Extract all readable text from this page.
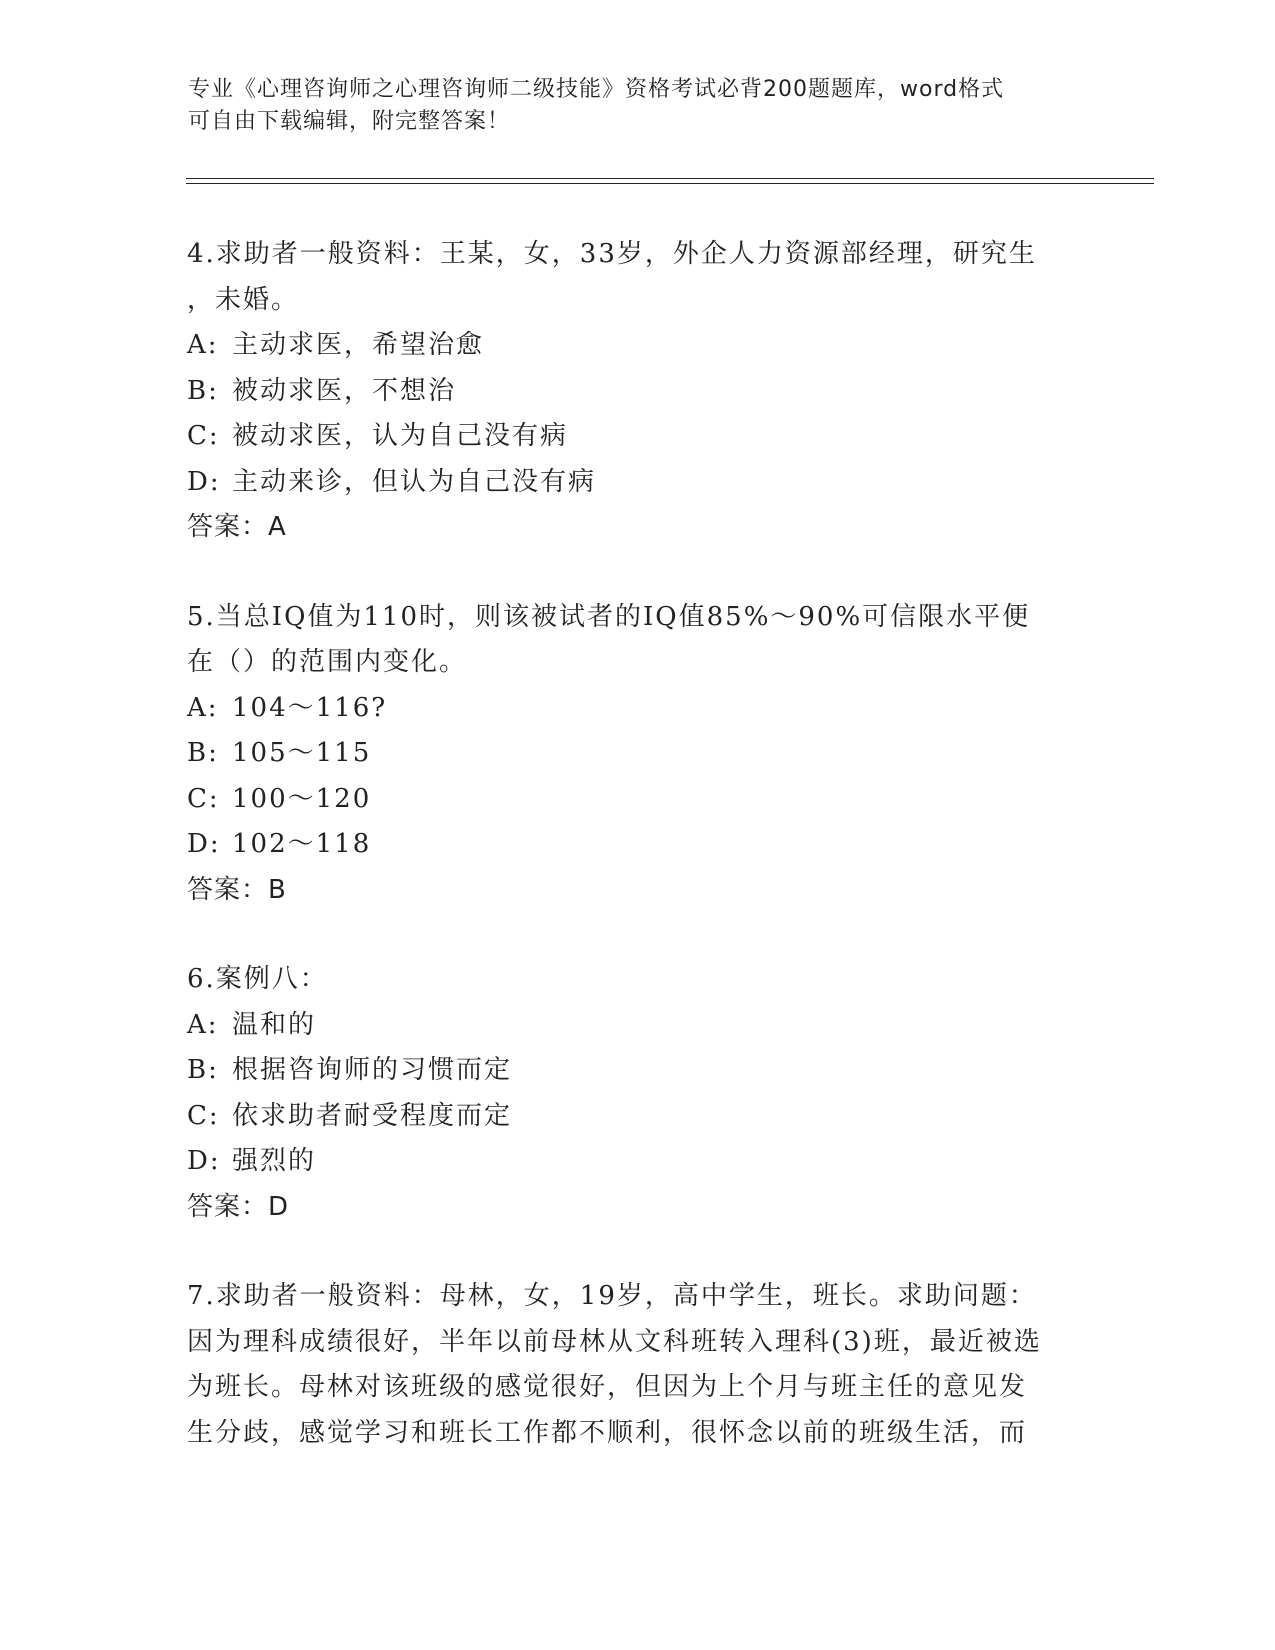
专业《心理咨询师之心理咨询师二级技能》资格考试必背200题题库，word格式
可自由下载编辑，附完整答案！
4.求助者一般资料：王某，女，33岁，外企人力资源部经理，研究生
，未婚。
A: 主动求医，希望治愈
B: 被动求医，不想治
C: 被动求医，认为自己没有病
D: 主动来诊，但认为自己没有病
答案：A
5.当总IQ值为110时，则该被试者的IQ值85%～90%可信限水平便
在（）的范围内变化。
A: 104～116?
B: 105～115
C: 100～120
D: 102～118
答案：B
6.案例八：
A: 温和的
B: 根据咨询师的习惯而定
C: 依求助者耐受程度而定
D: 强烈的
答案：D
7.求助者一般资料：母林，女，19岁，高中学生，班长。求助问题：
因为理科成绩很好，半年以前母林从文科班转入理科(3)班，最近被选
为班长。母林对该班级的感觉很好，但因为上个月与班主任的意见发
生分歧，感觉学习和班长工作都不顺利，很怀念以前的班级生活，而
